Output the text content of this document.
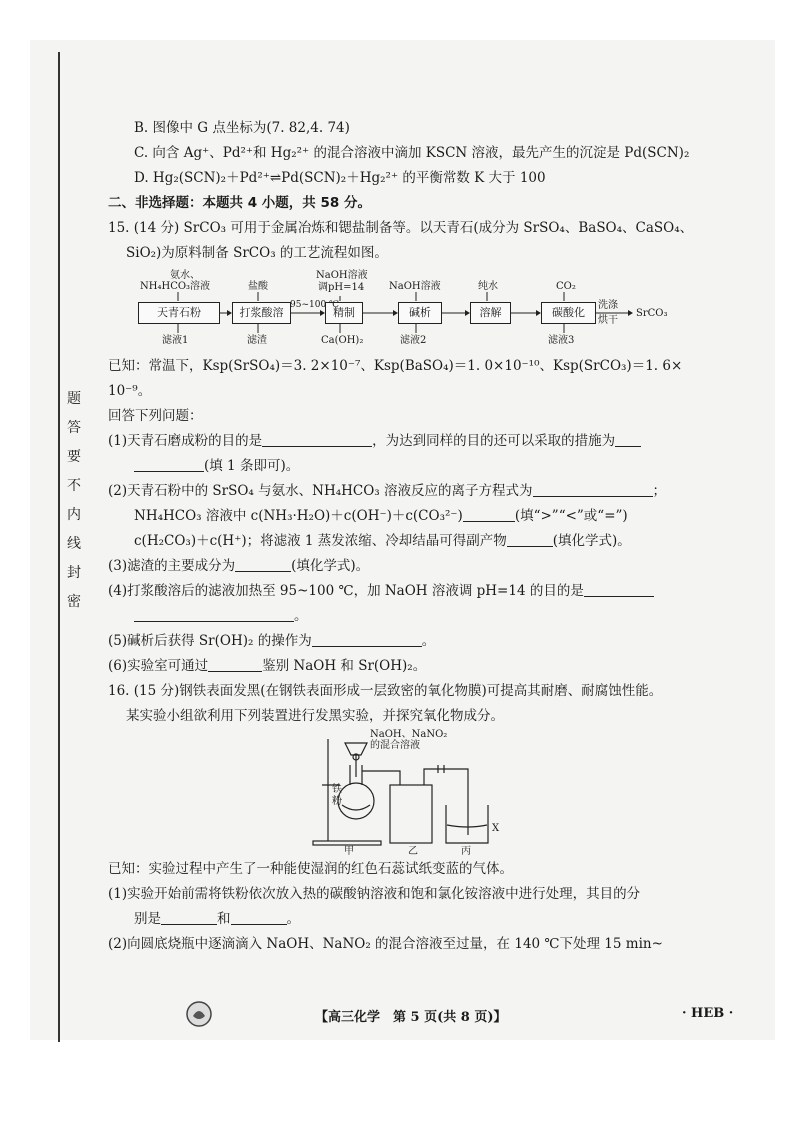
题
答
要
不
内
线
封
密
B. 图像中 G 点坐标为(7. 82,4. 74)
C. 向含 Ag⁺、Pd²⁺和 Hg₂²⁺ 的混合溶液中滴加 KSCN 溶液，最先产生的沉淀是 Pd(SCN)₂
D. Hg₂(SCN)₂＋Pd²⁺⇌Pd(SCN)₂＋Hg₂²⁺ 的平衡常数 K 大于 100
二、非选择题：本题共 4 小题，共 58 分。
15. (14 分) SrCO₃ 可用于金属冶炼和锶盐制备等。以天青石(成分为 SrSO₄、BaSO₄、CaSO₄、
SiO₂)为原料制备 SrCO₃ 的工艺流程如图。
天青石粉	打浆酸溶	精制	碱析	溶解	碳酸化
氨水、
NH₄HCO₃溶液	盐酸
NaOH溶液
调pH=14 NaOH溶液	纯水	CO₂
95~100 ℃
滤液1	滤渣	Ca(OH)₂	滤液2	滤液3
洗涤
烘干
SrCO₃
已知：常温下，Ksp(SrSO₄)＝3. 2×10⁻⁷、Ksp(BaSO₄)＝1. 0×10⁻¹⁰、Ksp(SrCO₃)＝1. 6×
10⁻⁹。
回答下列问题：
(1)天青石磨成粉的目的是	，为达到同样的目的还可以采取的措施为
(填 1 条即可)。
(2)天青石粉中的 SrSO₄ 与氨水、NH₄HCO₃ 溶液反应的离子方程式为	；
NH₄HCO₃ 溶液中 c(NH₃·H₂O)＋c(OH⁻)＋c(CO₃²⁻)	(填“>”“<”或“=”)
c(H₂CO₃)＋c(H⁺)；将滤液 1 蒸发浓缩、冷却结晶可得副产物	(填化学式)。
(3)滤渣的主要成分为	(填化学式)。
(4)打浆酸溶后的滤液加热至 95~100 ℃，加 NaOH 溶液调 pH=14 的目的是
。
(5)碱析后获得 Sr(OH)₂ 的操作为	。
(6)实验室可通过	鉴别 NaOH 和 Sr(OH)₂。
16. (15 分)钢铁表面发黑(在钢铁表面形成一层致密的氧化物膜)可提高其耐磨、耐腐蚀性能。
某实验小组欲利用下列装置进行发黑实验，并探究氧化物成分。
NaOH、NaNO₂
的混合溶液
铁
粉
X
甲	乙	丙
已知：实验过程中产生了一种能使湿润的红色石蕊试纸变蓝的气体。
(1)实验开始前需将铁粉依次放入热的碳酸钠溶液和饱和氯化铵溶液中进行处理，其目的分
别是	和	。
(2)向圆底烧瓶中逐滴滴入 NaOH、NaNO₂ 的混合溶液至过量，在 140 ℃下处理 15 min~
【高三化学　第 5 页(共 8 页)】	· HEB ·
